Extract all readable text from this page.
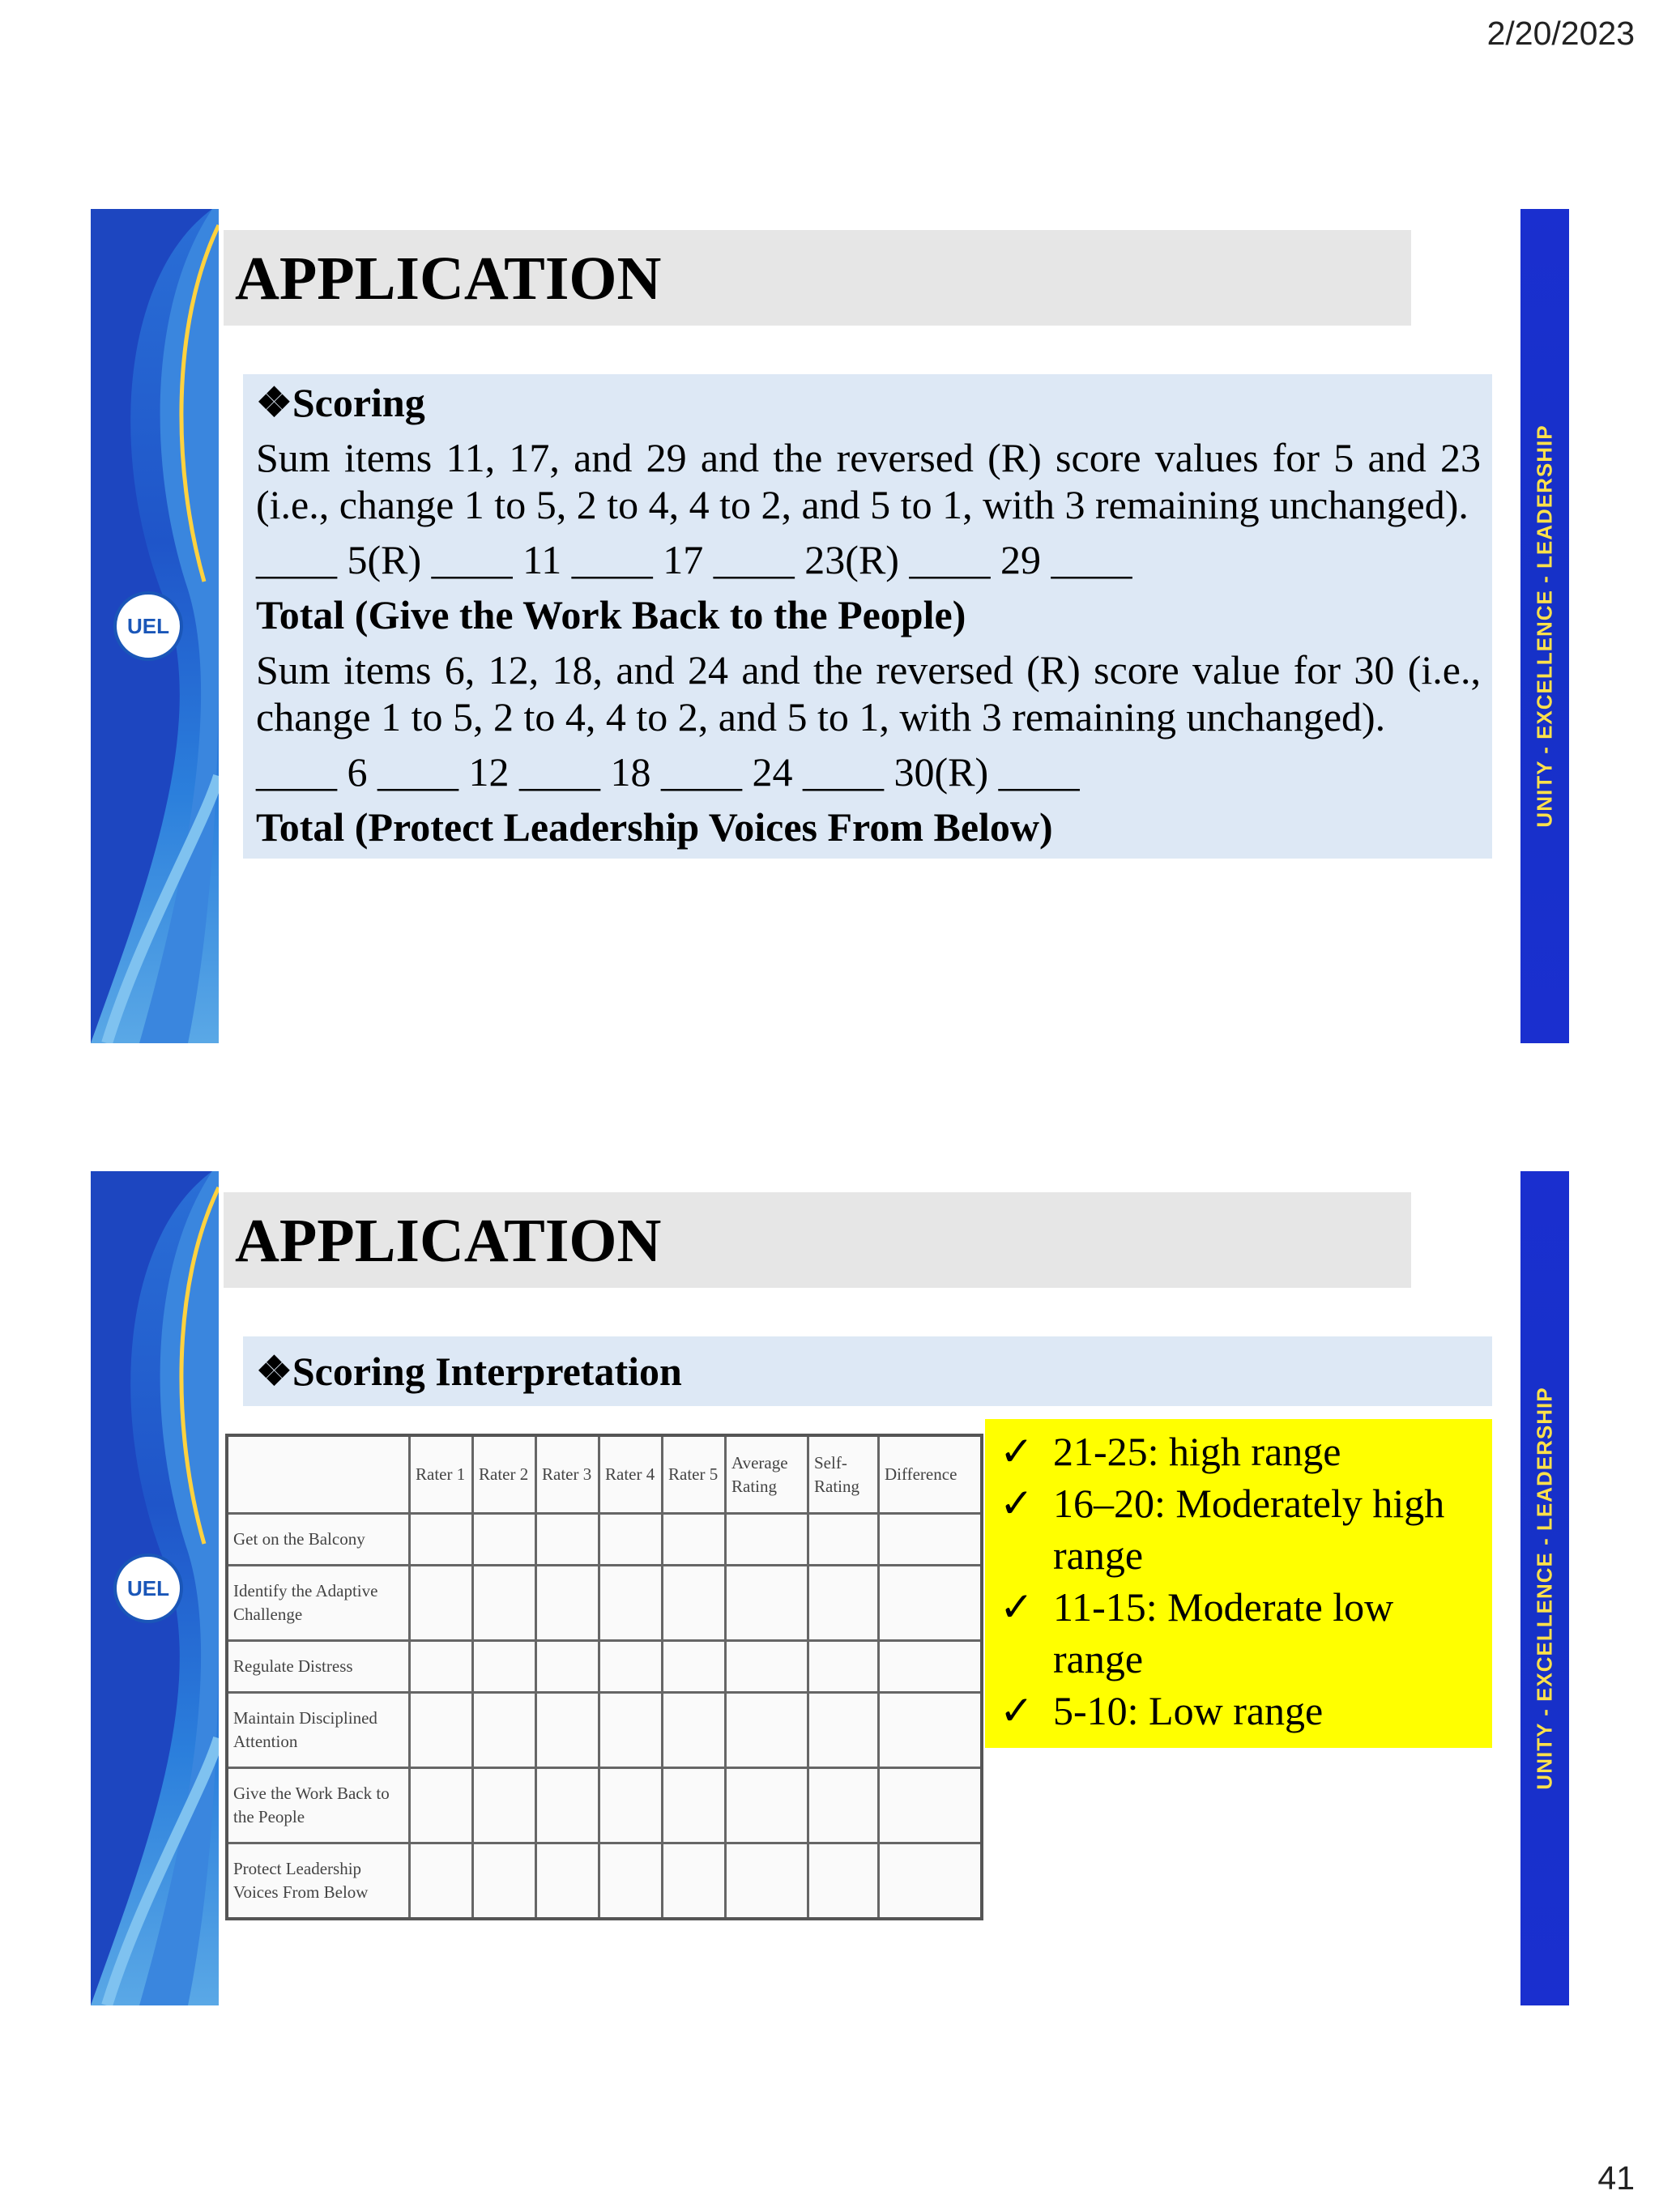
2/20/2023
UEL
APPLICATION
❖Scoring
Sum items 11, 17, and 29 and the reversed (R) score values for 5 and 23 (i.e., change 1 to 5, 2 to 4, 4 to 2, and 5 to 1, with 3 remaining unchanged).
____ 5(R) ____ 11 ____ 17 ____ 23(R) ____ 29 ____
Total (Give the Work Back to the People)
Sum items 6, 12, 18, and 24 and the reversed (R) score value for 30 (i.e., change 1 to 5, 2 to 4, 4 to 2, and 5 to 1, with 3 remaining unchanged).
____ 6 ____ 12 ____ 18 ____ 24 ____ 30(R) ____
Total (Protect Leadership Voices From Below)	UNITY - EXCELLENCE - LEADERSHIP
UEL
APPLICATION
❖Scoring Interpretation
	Rater 1	Rater 2	Rater 3	Rater 4	Rater 5	Average Rating	Self-Rating	Difference
Get on the Balcony								
Identify the Adaptive Challenge								
Regulate Distress								
Maintain Disciplined Attention								
Give the Work Back to the People								
Protect Leadership Voices From Below								
✓ 21-25: high range
✓ 16–20: Moderately high range
✓ 11-15: Moderate low range
✓ 5-10: Low range	UNITY - EXCELLENCE - LEADERSHIP
41
